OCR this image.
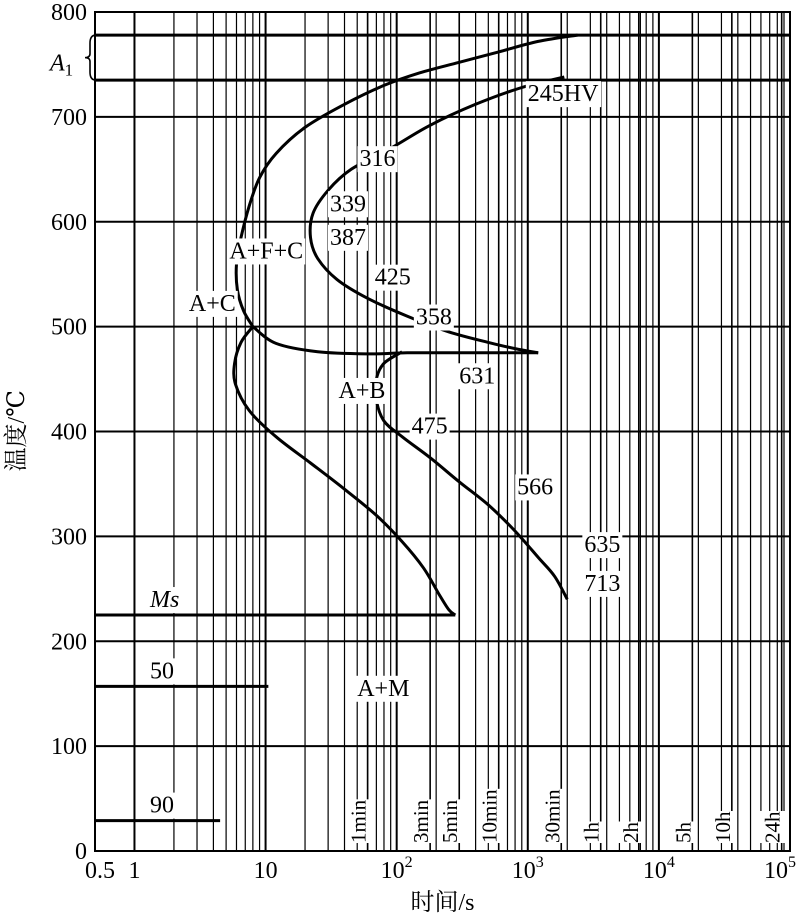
0
100
200
300
400
500
600
700
800
0.5 1	10	$10^2$	$10^3$	$10^4$	$10^5$
1min 3min 5min 10min 30min 1h 2h 5h 10h 24h
Ms
50
90
$A_1$
A+F+C
A+C
A+B
A+M
245HV
316
339
387
425
358
631
475
566
635
713
温度/℃
时间/s
